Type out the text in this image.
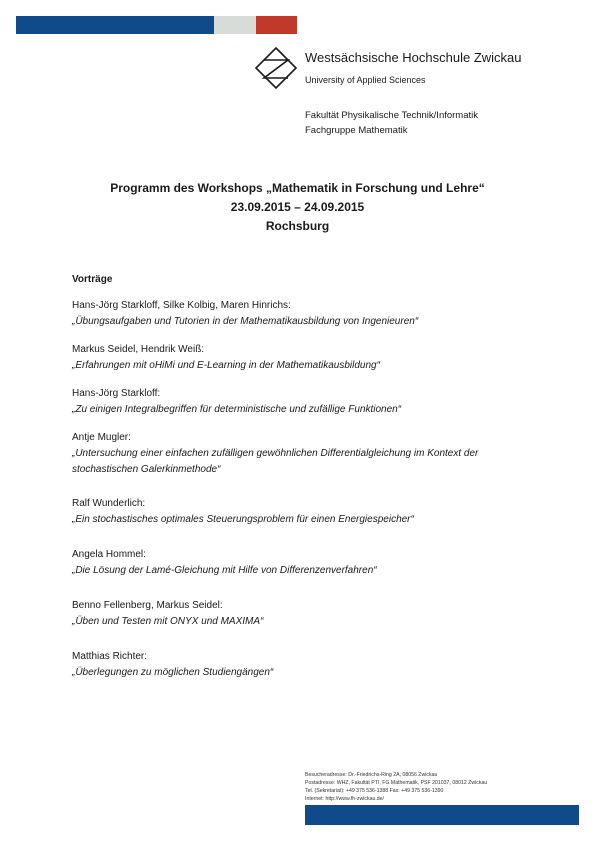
Westsächsische Hochschule Zwickau
University of Applied Sciences
Fakultät Physikalische Technik/Informatik
Fachgruppe Mathematik
Programm des Workshops „Mathematik in Forschung und Lehre“
23.09.2015 – 24.09.2015
Rochsburg
Vorträge
Hans-Jörg Starkloff, Silke Kolbig, Maren Hinrichs:
„Übungsaufgaben und Tutorien in der Mathematikausbildung von Ingenieuren“
Markus Seidel, Hendrik Weiß:
„Erfahrungen mit oHiMi und E-Learning in der Mathematikausbildung“
Hans-Jörg Starkloff:
„Zu einigen Integralbegriffen für deterministische und zufällige Funktionen“
Antje Mugler:
„Untersuchung einer einfachen zufälligen gewöhnlichen Differentialgleichung im Kontext der stochastischen Galerkinmethode“
Ralf Wunderlich:
„Ein stochastisches optimales Steuerungsproblem für einen Energiespeicher“
Angela Hommel:
„Die Lösung der Lamé-Gleichung mit Hilfe von Differenzenverfahren“
Benno Fellenberg, Markus Seidel:
„Üben und Testen mit ONYX und MAXIMA“
Matthias Richter:
„Überlegungen zu möglichen Studiengängen“
Besucheradresse: Dr.-Friedrichs-Ring 2A, 08056 Zwickau
Postadresse: WHZ, Fakultät PTI, FG Mathematik, PSF 201037, 08012 Zwickau
Tel. (Sekretariat): +49 375 536-1388 Fax: +49 375 536-1390
Internet: http://www.fh-zwickau.de/
